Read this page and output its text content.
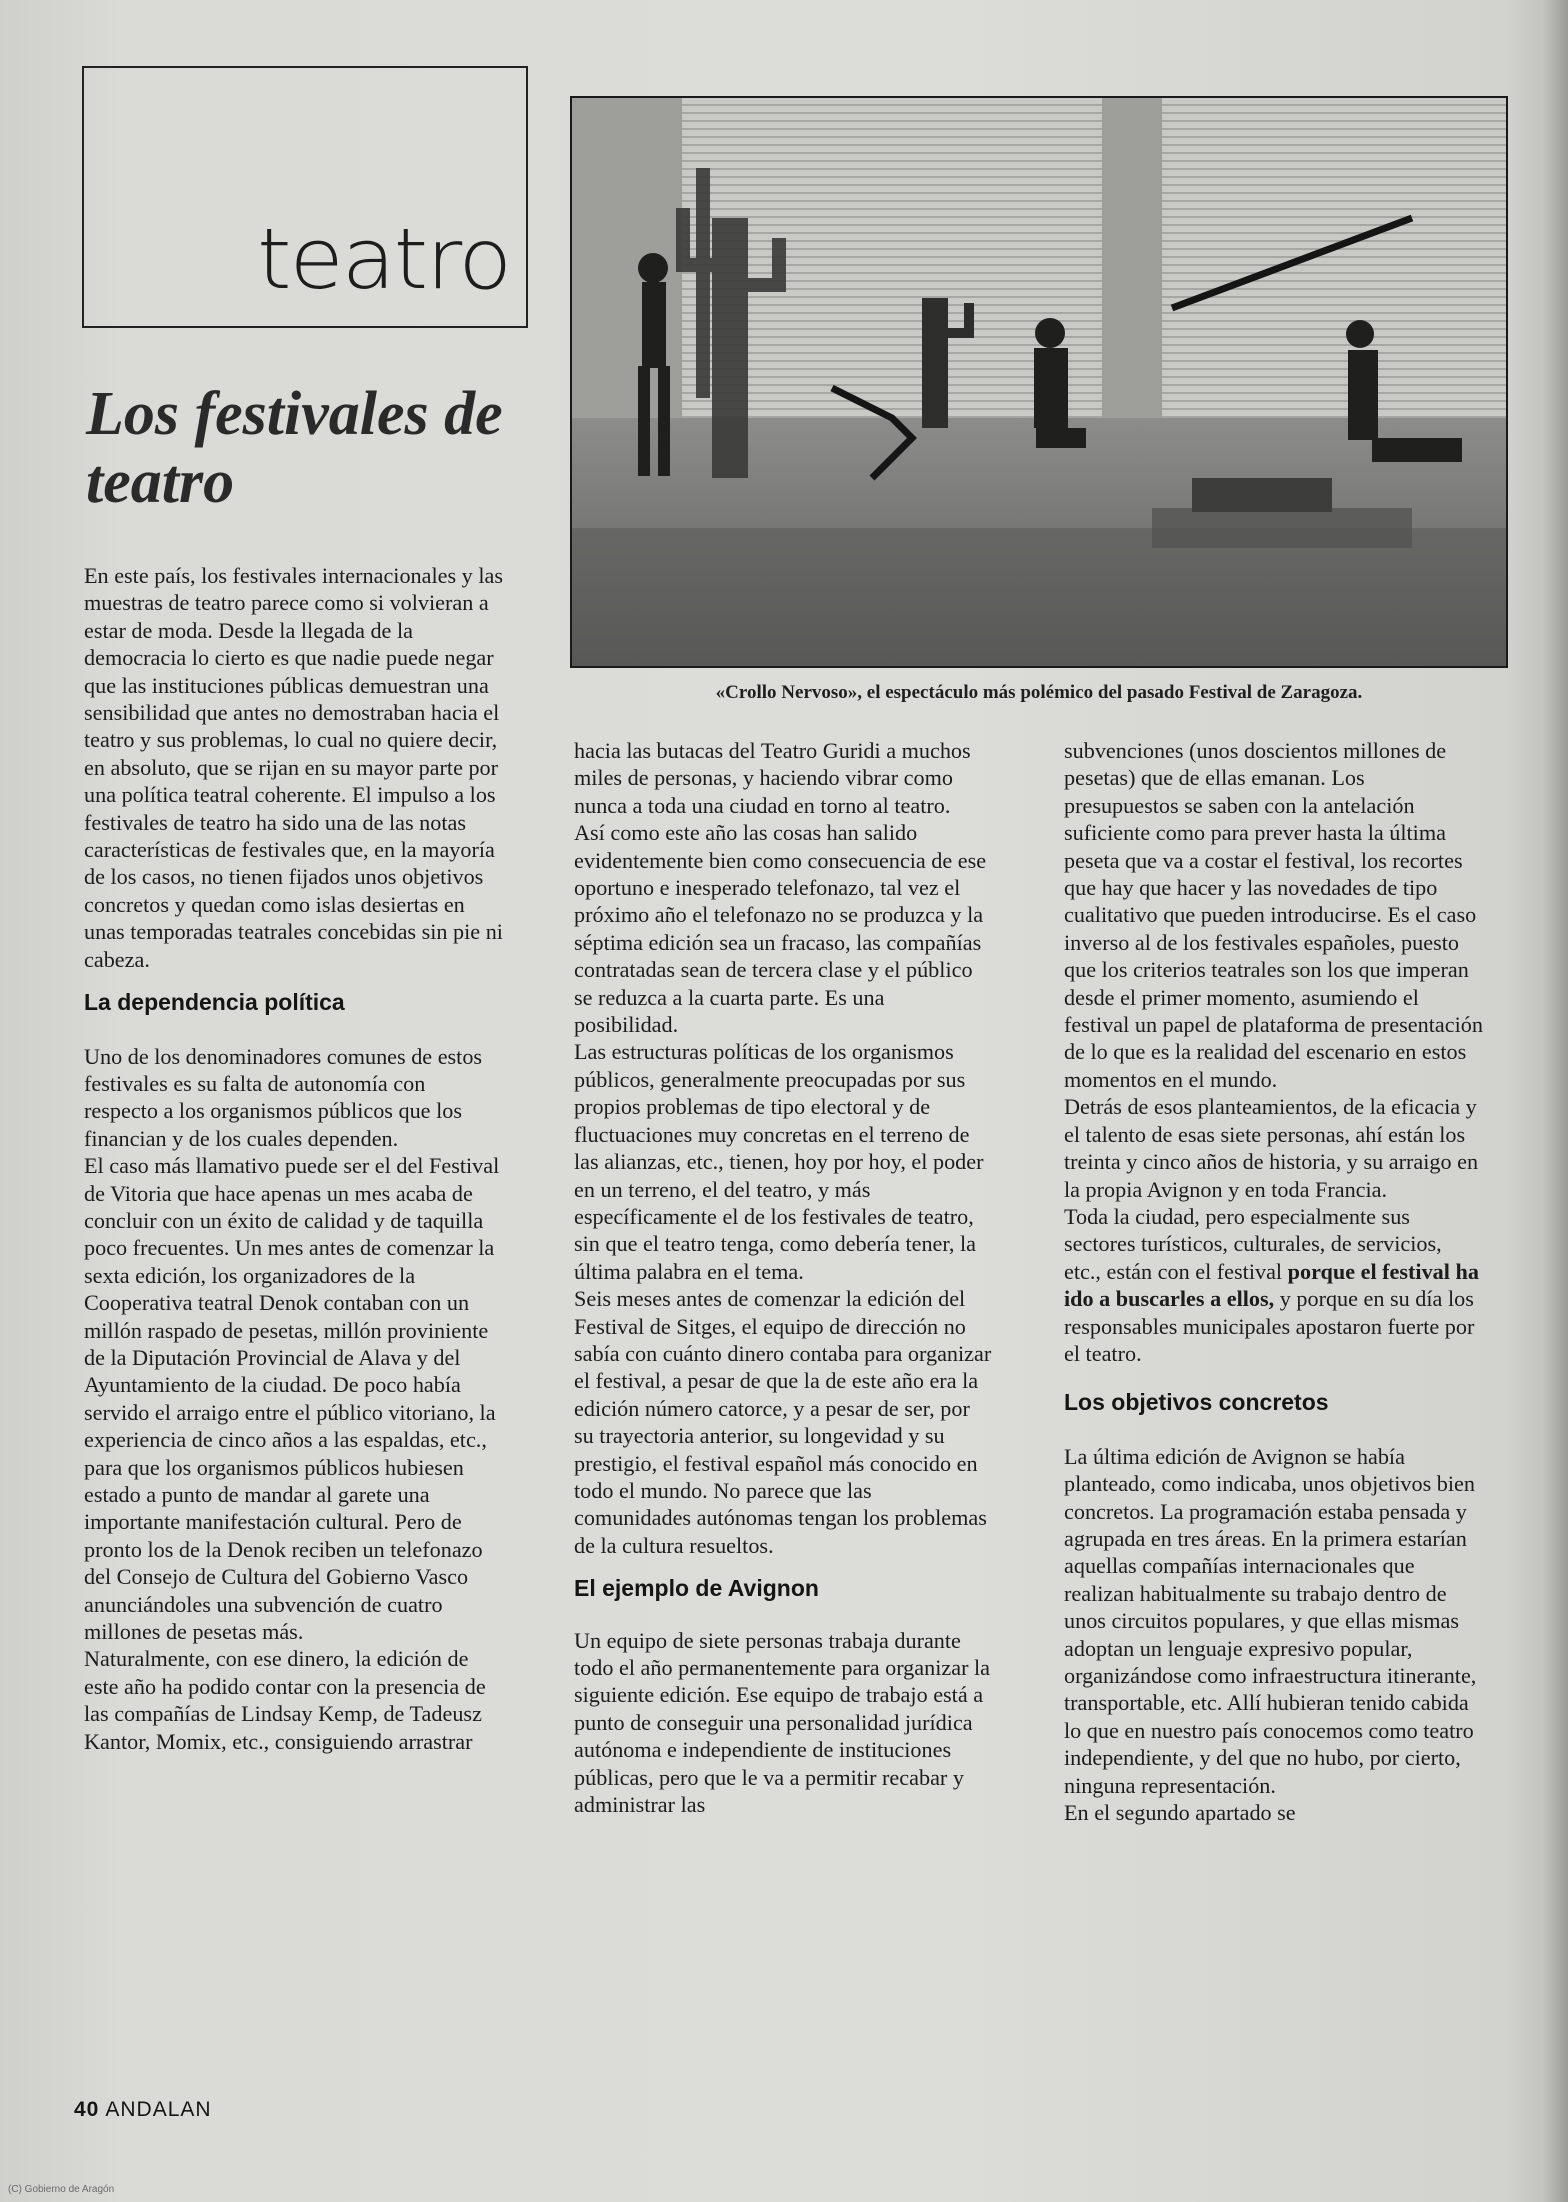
teatro
Los festivales de teatro
«Crollo Nervoso», el espectáculo más polémico del pasado Festival de Zaragoza.

En este país, los festivales internacionales y las muestras de teatro parece como si volvieran a estar de moda. Desde la llegada de la democracia lo cierto es que nadie puede negar que las instituciones públicas demuestran una sensibilidad que antes no demostraban hacia el teatro y sus problemas, lo cual no quiere decir, en absoluto, que se rijan en su mayor parte por una política teatral coherente. El impulso a los festivales de teatro ha sido una de las notas características de festivales que, en la mayoría de los casos, no tienen fijados unos objetivos concretos y quedan como islas desiertas en unas temporadas teatrales concebidas sin pie ni cabeza.

La dependencia política

Uno de los denominadores comunes de estos festivales es su falta de autonomía con respecto a los organismos públicos que los financian y de los cuales dependen.

El caso más llamativo puede ser el del Festival de Vitoria que hace apenas un mes acaba de concluir con un éxito de calidad y de taquilla poco frecuentes. Un mes antes de comenzar la sexta edición, los organizadores de la Cooperativa teatral Denok contaban con un millón raspado de pesetas, millón proviniente de la Diputación Provincial de Alava y del Ayuntamiento de la ciudad. De poco había servido el arraigo entre el público vitoriano, la experiencia de cinco años a las espaldas, etc., para que los organismos públicos hubiesen estado a punto de mandar al garete una importante manifestación cultural. Pero de pronto los de la Denok reciben un telefonazo del Consejo de Cultura del Gobierno Vasco anunciándoles una subvención de cuatro millones de pesetas más.

Naturalmente, con ese dinero, la edición de este año ha podido contar con la presencia de las compañías de Lindsay Kemp, de Tadeusz Kantor, Momix, etc., consiguiendo arrastrar

hacia las butacas del Teatro Guridi a muchos miles de personas, y haciendo vibrar como nunca a toda una ciudad en torno al teatro.

Así como este año las cosas han salido evidentemente bien como consecuencia de ese oportuno e inesperado telefonazo, tal vez el próximo año el telefonazo no se produzca y la séptima edición sea un fracaso, las compañías contratadas sean de tercera clase y el público se reduzca a la cuarta parte. Es una posibilidad.

Las estructuras políticas de los organismos públicos, generalmente preocupadas por sus propios problemas de tipo electoral y de fluctuaciones muy concretas en el terreno de las alianzas, etc., tienen, hoy por hoy, el poder en un terreno, el del teatro, y más específicamente el de los festivales de teatro, sin que el teatro tenga, como debería tener, la última palabra en el tema.

Seis meses antes de comenzar la edición del Festival de Sitges, el equipo de dirección no sabía con cuánto dinero contaba para organizar el festival, a pesar de que la de este año era la edición número catorce, y a pesar de ser, por su trayectoria anterior, su longevidad y su prestigio, el festival español más conocido en todo el mundo. No parece que las comunidades autónomas tengan los problemas de la cultura resueltos.

El ejemplo de Avignon

Un equipo de siete personas trabaja durante todo el año permanentemente para organizar la siguiente edición. Ese equipo de trabajo está a punto de conseguir una personalidad jurídica autónoma e independiente de instituciones públicas, pero que le va a permitir recabar y administrar las

subvenciones (unos doscientos millones de pesetas) que de ellas emanan. Los presupuestos se saben con la antelación suficiente como para prever hasta la última peseta que va a costar el festival, los recortes que hay que hacer y las novedades de tipo cualitativo que pueden introducirse. Es el caso inverso al de los festivales españoles, puesto que los criterios teatrales son los que imperan desde el primer momento, asumiendo el festival un papel de plataforma de presentación de lo que es la realidad del escenario en estos momentos en el mundo.

Detrás de esos planteamientos, de la eficacia y el talento de esas siete personas, ahí están los treinta y cinco años de historia, y su arraigo en la propia Avignon y en toda Francia.

Toda la ciudad, pero especialmente sus sectores turísticos, culturales, de servicios, etc., están con el festival porque el festival ha ido a buscarles a ellos, y porque en su día los responsables municipales apostaron fuerte por el teatro.

Los objetivos concretos

La última edición de Avignon se había planteado, como indicaba, unos objetivos bien concretos. La programación estaba pensada y agrupada en tres áreas. En la primera estarían aquellas compañías internacionales que realizan habitualmente su trabajo dentro de unos circuitos populares, y que ellas mismas adoptan un lenguaje expresivo popular, organizándose como infraestructura itinerante, transportable, etc. Allí hubieran tenido cabida lo que en nuestro país conocemos como teatro independiente, y del que no hubo, por cierto, ninguna representación.

En el segundo apartado se

40 ANDALAN
(C) Gobierno de Aragón
